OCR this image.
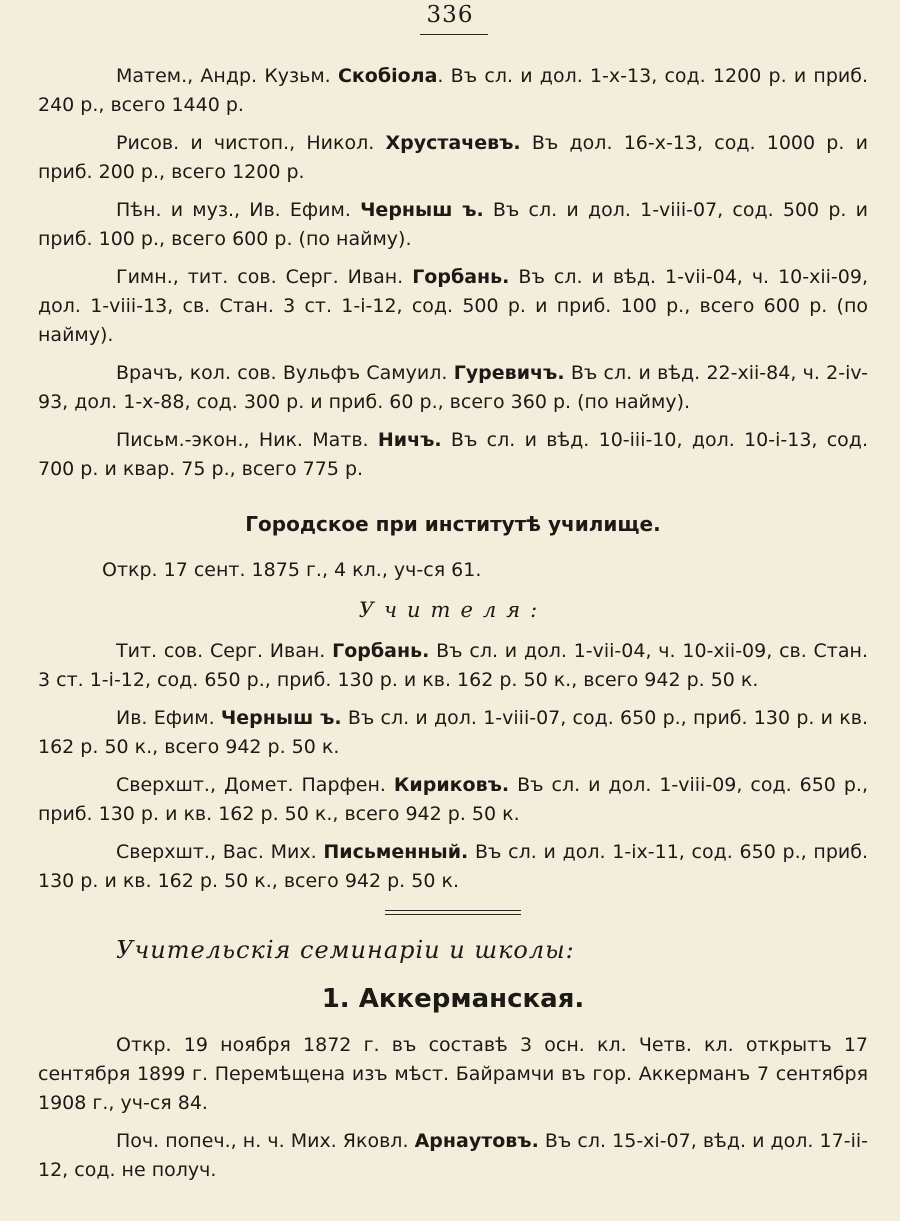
336

Матем., Андр. Кузьм. Скобіола. Въ сл. и дол. 1-х-13, сод. 1200 р. и приб. 240 р., всего 1440 р.

Рисов. и чистоп., Никол. Хрустачевъ. Въ дол. 16-х-13, сод. 1000 р. и приб. 200 р., всего 1200 р.

Пѣн. и муз., Ив. Ефим. Черныш ъ. Въ сл. и дол. 1-viii-07, сод. 500 р. и приб. 100 р., всего 600 р. (по найму).

Гимн., тит. сов. Серг. Иван. Горбань. Въ сл. и вѣд. 1-vii-04, ч. 10-xii-09, дол. 1-viii-13, св. Стан. 3 ст. 1-i-12, сод. 500 р. и приб. 100 р., всего 600 р. (по найму).

Врачъ, кол. сов. Вульфъ Самуил. Гуревичъ. Въ сл. и вѣд. 22-xii-84, ч. 2-iv-93, дол. 1-х-88, сод. 300 р. и приб. 60 р., всего 360 р. (по найму).

Письм.-экон., Ник. Матв. Ничъ. Въ сл. и вѣд. 10-iii-10, дол. 10-i-13, сод. 700 р. и квар. 75 р., всего 775 р.

Городское при институтѣ училище.

Откр. 17 сент. 1875 г., 4 кл., уч-ся 61.

Учителя:

Тит. сов. Серг. Иван. Горбань. Въ сл. и дол. 1-vii-04, ч. 10-xii-09, св. Стан. 3 ст. 1-i-12, сод. 650 р., приб. 130 р. и кв. 162 р. 50 к., всего 942 р. 50 к.

Ив. Ефим. Черныш ъ. Въ сл. и дол. 1-viii-07, сод. 650 р., приб. 130 р. и кв. 162 р. 50 к., всего 942 р. 50 к.

Сверхшт., Домет. Парфен. Кириковъ. Въ сл. и дол. 1-viii-09, сод. 650 р., приб. 130 р. и кв. 162 р. 50 к., всего 942 р. 50 к.

Сверхшт., Вас. Мих. Письменный. Въ сл. и дол. 1-ix-11, сод. 650 р., приб. 130 р. и кв. 162 р. 50 к., всего 942 р. 50 к.

Учительскія семинаріи и школы:
1. Аккерманская.

Откр. 19 ноября 1872 г. въ составѣ 3 осн. кл. Четв. кл. открытъ 17 сентября 1899 г. Перемѣщена изъ мѣст. Байрамчи въ гор. Аккерманъ 7 сентября 1908 г., уч-ся 84.

Поч. попеч., н. ч. Мих. Яковл. Арнаутовъ. Въ сл. 15-xi-07, вѣд. и дол. 17-ii-12, сод. не получ.
